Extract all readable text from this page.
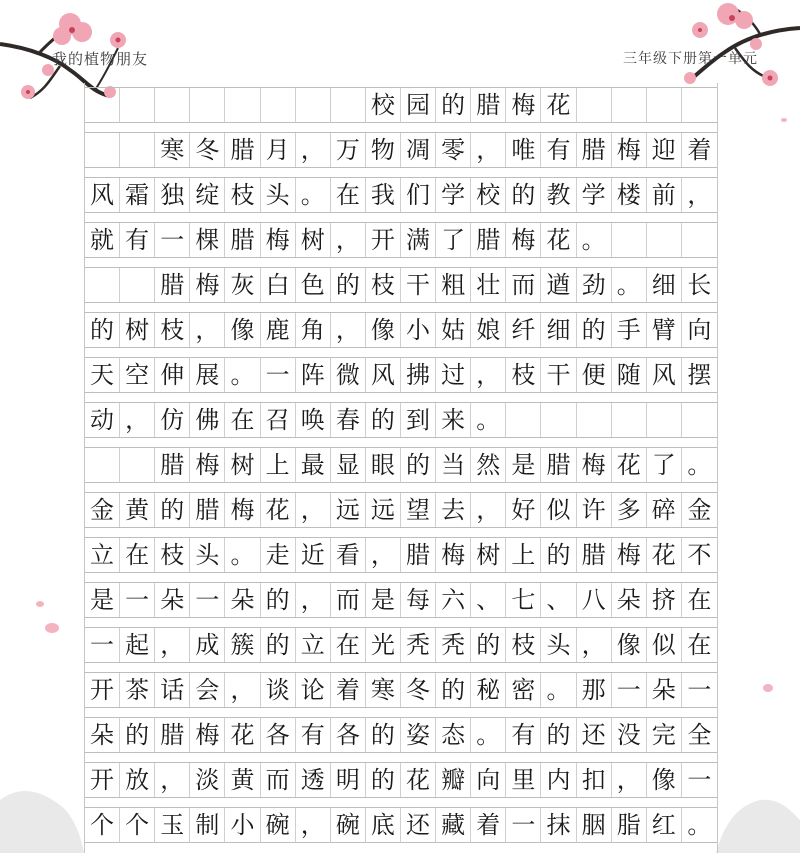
我的植物朋友	三年级下册第一单元
校 园 的 腊 梅 花
寒 冬 腊 月 ， 万 物 凋 零 ， 唯 有 腊 梅 迎 着
风 霜 独 绽 枝 头 。 在 我 们 学 校 的 教 学 楼 前 ，
就 有 一 棵 腊 梅 树 ， 开 满 了 腊 梅 花 。
腊 梅 灰 白 色 的 枝 干 粗 壮 而 遒 劲 。 细 长
的 树 枝 ， 像 鹿 角 ， 像 小 姑 娘 纤 细 的 手 臂 向
天 空 伸 展 。 一 阵 微 风 拂 过 ， 枝 干 便 随 风 摆
动 ， 仿 佛 在 召 唤 春 的 到 来 。
腊 梅 树 上 最 显 眼 的 当 然 是 腊 梅 花 了 。
金 黄 的 腊 梅 花 ， 远 远 望 去 ， 好 似 许 多 碎 金
立 在 枝 头 。 走 近 看 ， 腊 梅 树 上 的 腊 梅 花 不
是 一 朵 一 朵 的 ， 而 是 每 六 、 七 、 八 朵 挤 在
一 起 ， 成 簇 的 立 在 光 秃 秃 的 枝 头 ， 像 似 在
开 茶 话 会 ， 谈 论 着 寒 冬 的 秘 密 。 那 一 朵 一
朵 的 腊 梅 花 各 有 各 的 姿 态 。 有 的 还 没 完 全
开 放 ， 淡 黄 而 透 明 的 花 瓣 向 里 内 扣 ， 像 一
个 个 玉 制 小 碗 ， 碗 底 还 藏 着 一 抹 胭 脂 红 。
